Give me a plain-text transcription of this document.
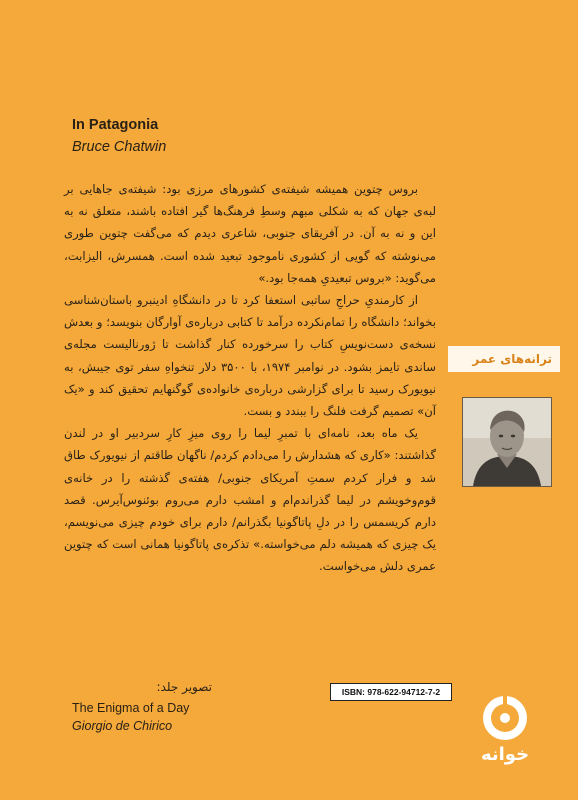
In Patagonia
Bruce Chatwin

بروس چتوین همیشه شیفته‌ی کشورهای مرزی بود: شیفته‌ی جاهایی بر لبه‌ی جهان که به شکلی مبهم وسطِ فرهنگ‌ها گیر افتاده باشند، متعلق نه به این و نه به آن. در آفریقای جنوبی، شاعری دیدم که می‌گفت چتوین طوری می‌نوشته که گویی از کشوری ناموجود تبعید شده است. همسرش، الیزابت، می‌گوید: «بروس تبعیدیِ همه‌جا بود.»

از کارمندیِ حراجِ ساتبی استعفا کرد تا در دانشگاهِ ادینبرو باستان‌شناسی بخواند؛ دانشگاه را تمام‌نکرده درآمد تا کتابی درباره‌ی آوارگان بنویسد؛ و بعدش نسخه‌ی دست‌نویسِ کتاب را سرخورده کنار گذاشت تا ژورنالیست مجله‌ی ساندی تایمز بشود. در نوامبر ۱۹۷۴، با ۳۵۰۰ دلار تنخواهِ سفر توی جیبش، به نیویورک رسید تا برای گزارشی درباره‌ی خانواده‌ی گوگنهایم تحقیق کند و «یک آن» تصمیم گرفت فلنگ را ببندد و بست.

یک ماه بعد، نامه‌ای با تمبرِ لیما را روی میزِ کارِ سردبیر او در لندن گذاشتند: «کاری که هشدارش را می‌دادم کردم/ ناگهان طاقتم از نیویورک طاق شد و فرار کردم سمتِ آمریکای جنوبی/ هفته‌ی گذشته را در خانه‌ی قوم‌وخویشم در لیما گذراندم‌ام و امشب دارم می‌روم بوئنوس‌آیرس. قصد دارم کریسمس را در دلِ پاتاگونیا بگذرانم/ دارم برای خودم چیزی می‌نویسم، یک چیزی که همیشه دلم می‌خواسته.» تذکره‌ی پاتاگونیا همانی است که چتوین عمری دلش می‌خواست.

ترانه‌های عمر
تصویر جلد:
The Enigma of a Day
Giorgio de Chirico
ISBN: 978-622-94712-7-2
خوانه
